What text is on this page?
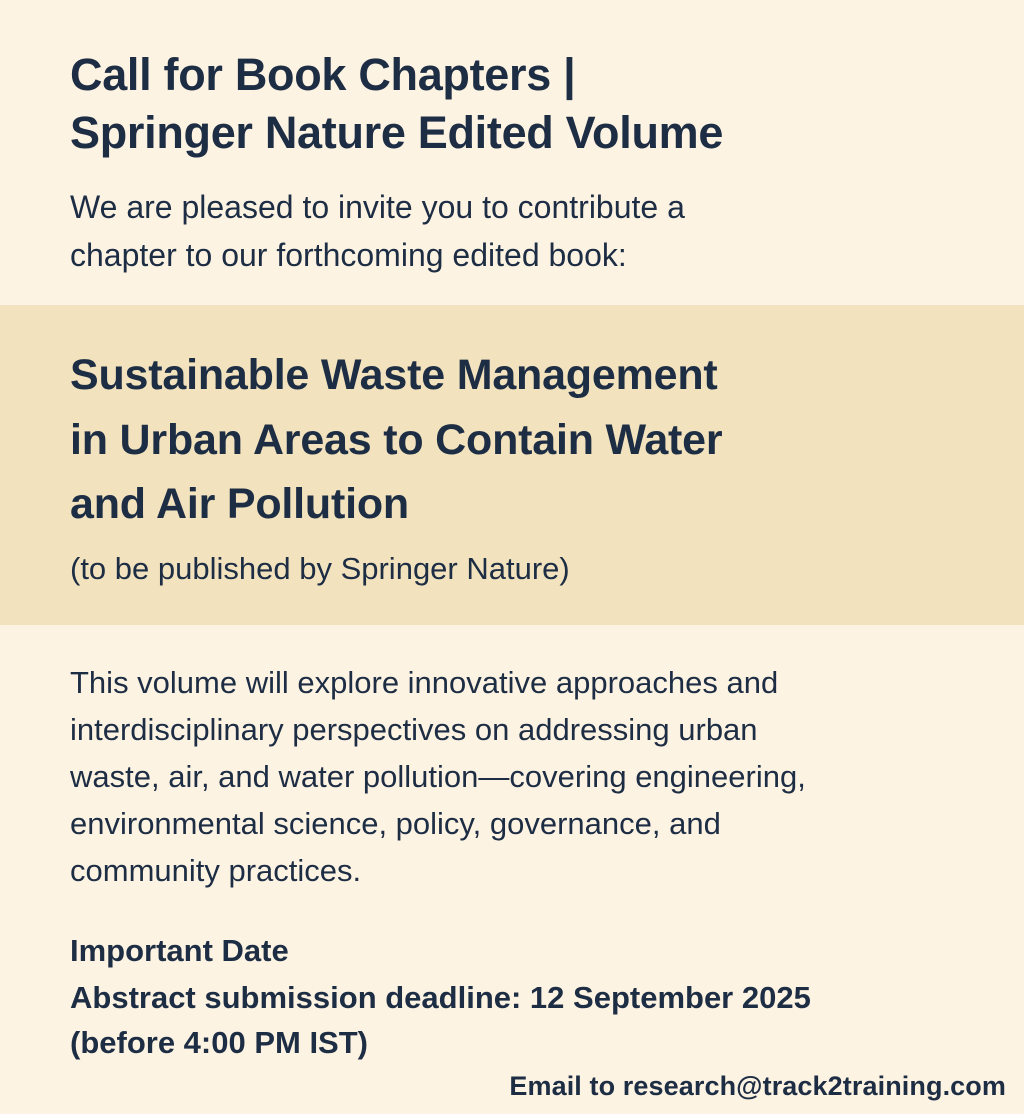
Call for Book Chapters |
Springer Nature Edited Volume

We are pleased to invite you to contribute a
chapter to our forthcoming edited book:

Sustainable Waste Management
in Urban Areas to Contain Water
and Air Pollution

(to be published by Springer Nature)

This volume will explore innovative approaches and
interdisciplinary perspectives on addressing urban
waste, air, and water pollution—covering engineering,
environmental science, policy, governance, and
community practices.

Important Date

Abstract submission deadline: 12 September 2025
(before 4:00 PM IST)

Email to research@track2training.com
